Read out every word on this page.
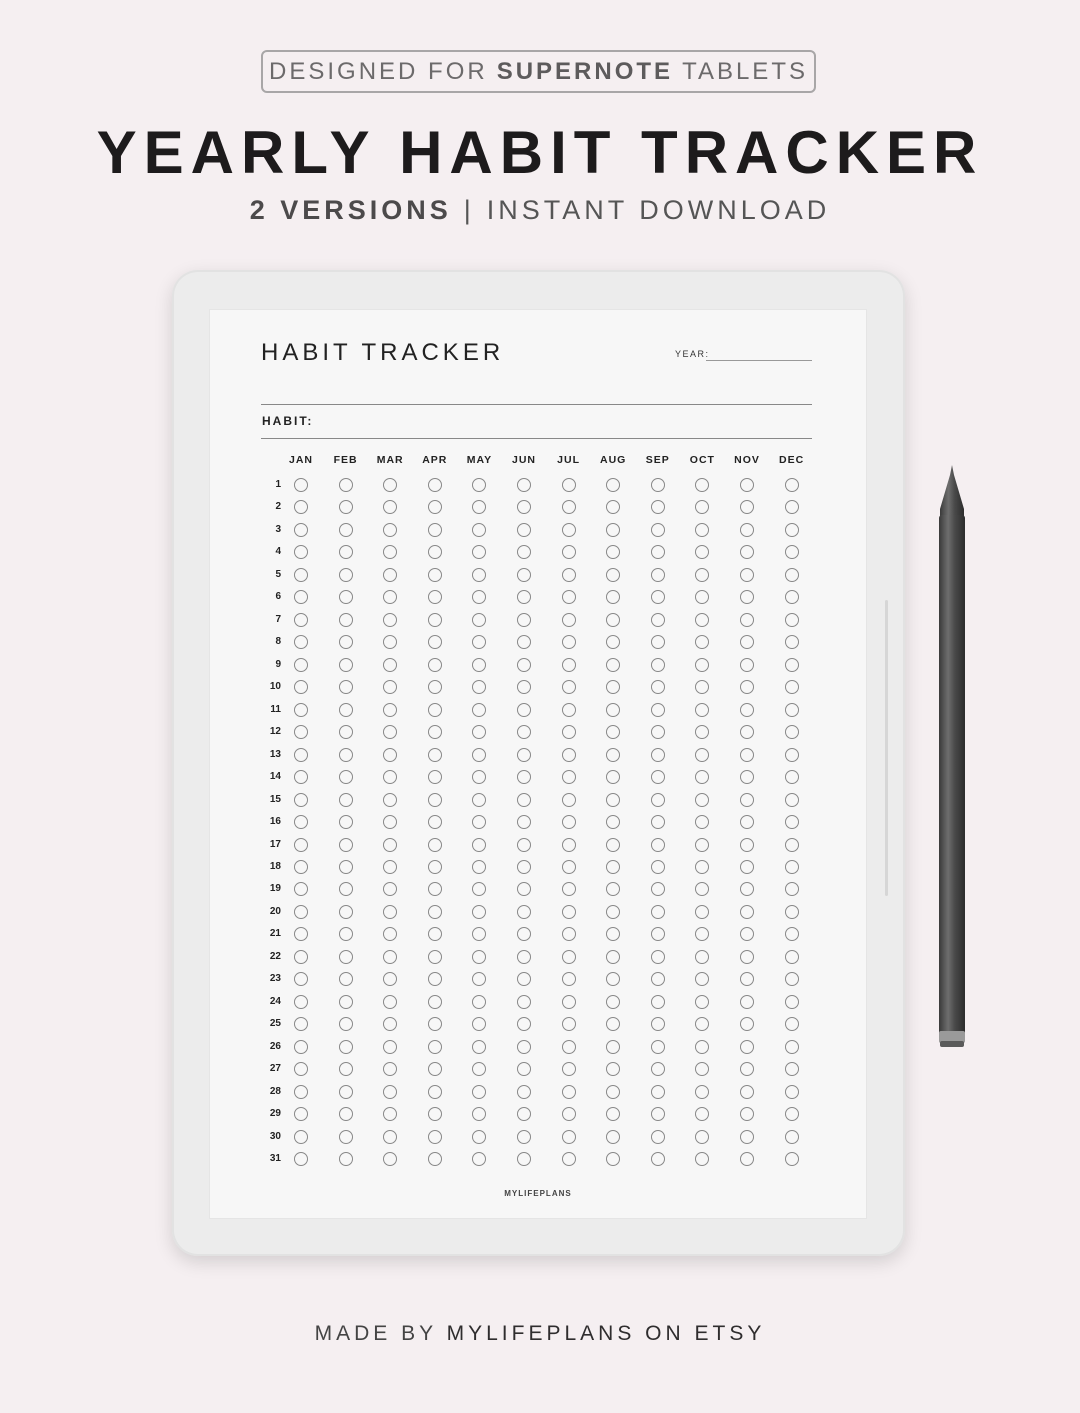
DESIGNED FOR SUPERNOTE TABLETS
YEARLY HABIT TRACKER
2 VERSIONS | INSTANT DOWNLOAD
HABIT TRACKER	YEAR:
HABIT:
JAN	FEB	MAR	APR	MAY	JUN	JUL	AUG	SEP	OCT	NOV	DEC
1
2
3
4
5
6
7
8
9
10
11
12
13
14
15
16
17
18
19
20
21
22
23
24
25
26
27
28
29
30
31
MYLIFEPLANS
MADE BY MYLIFEPLANS ON ETSY
